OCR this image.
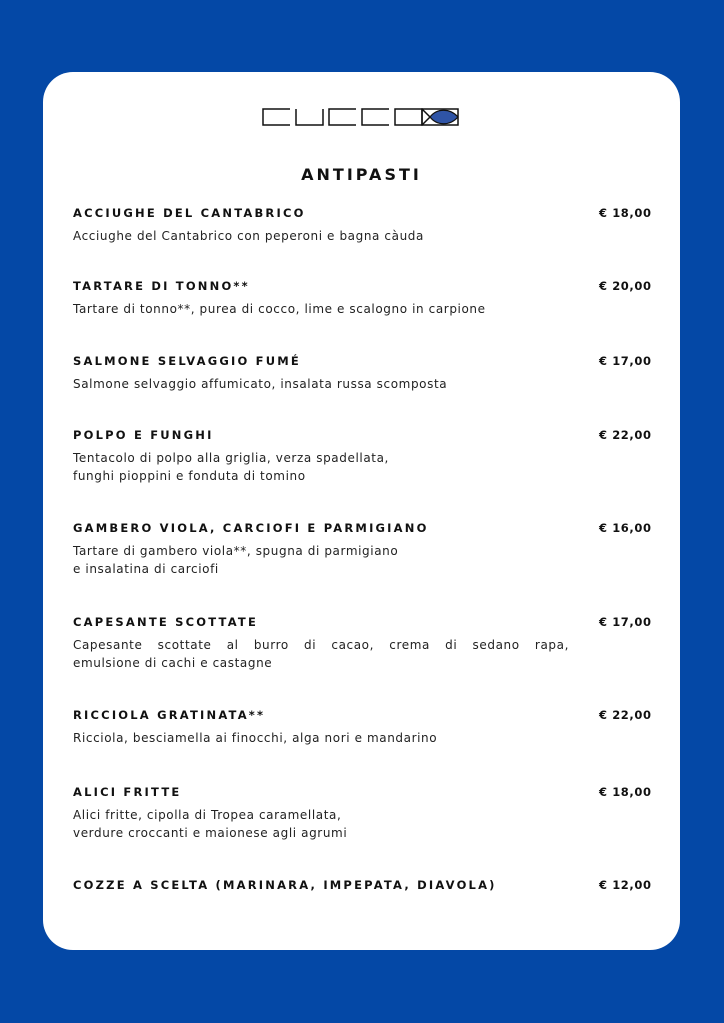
ANTIPASTI
ACCIUGHE DEL CANTABRICO	€ 18,00
Acciughe del Cantabrico con peperoni e bagna càuda
TARTARE DI TONNO**	€ 20,00
Tartare di tonno**, purea di cocco, lime e scalogno in carpione
SALMONE SELVAGGIO FUMÉ	€ 17,00
Salmone selvaggio affumicato, insalata russa scomposta
POLPO E FUNGHI	€ 22,00
Tentacolo di polpo alla griglia, verza spadellata,
funghi pioppini e fonduta di tomino
GAMBERO VIOLA, CARCIOFI E PARMIGIANO	€ 16,00
Tartare di gambero viola**, spugna di parmigiano
e insalatina di carciofi
CAPESANTE SCOTTATE	€ 17,00
Capesante scottate al burro di cacao, crema di sedano rapa,
emulsione di cachi e castagne
RICCIOLA GRATINATA**	€ 22,00
Ricciola, besciamella ai finocchi, alga nori e mandarino
ALICI FRITTE	€ 18,00
Alici fritte, cipolla di Tropea caramellata,
verdure croccanti e maionese agli agrumi
COZZE A SCELTA (MARINARA, IMPEPATA, DIAVOLA)	€ 12,00
